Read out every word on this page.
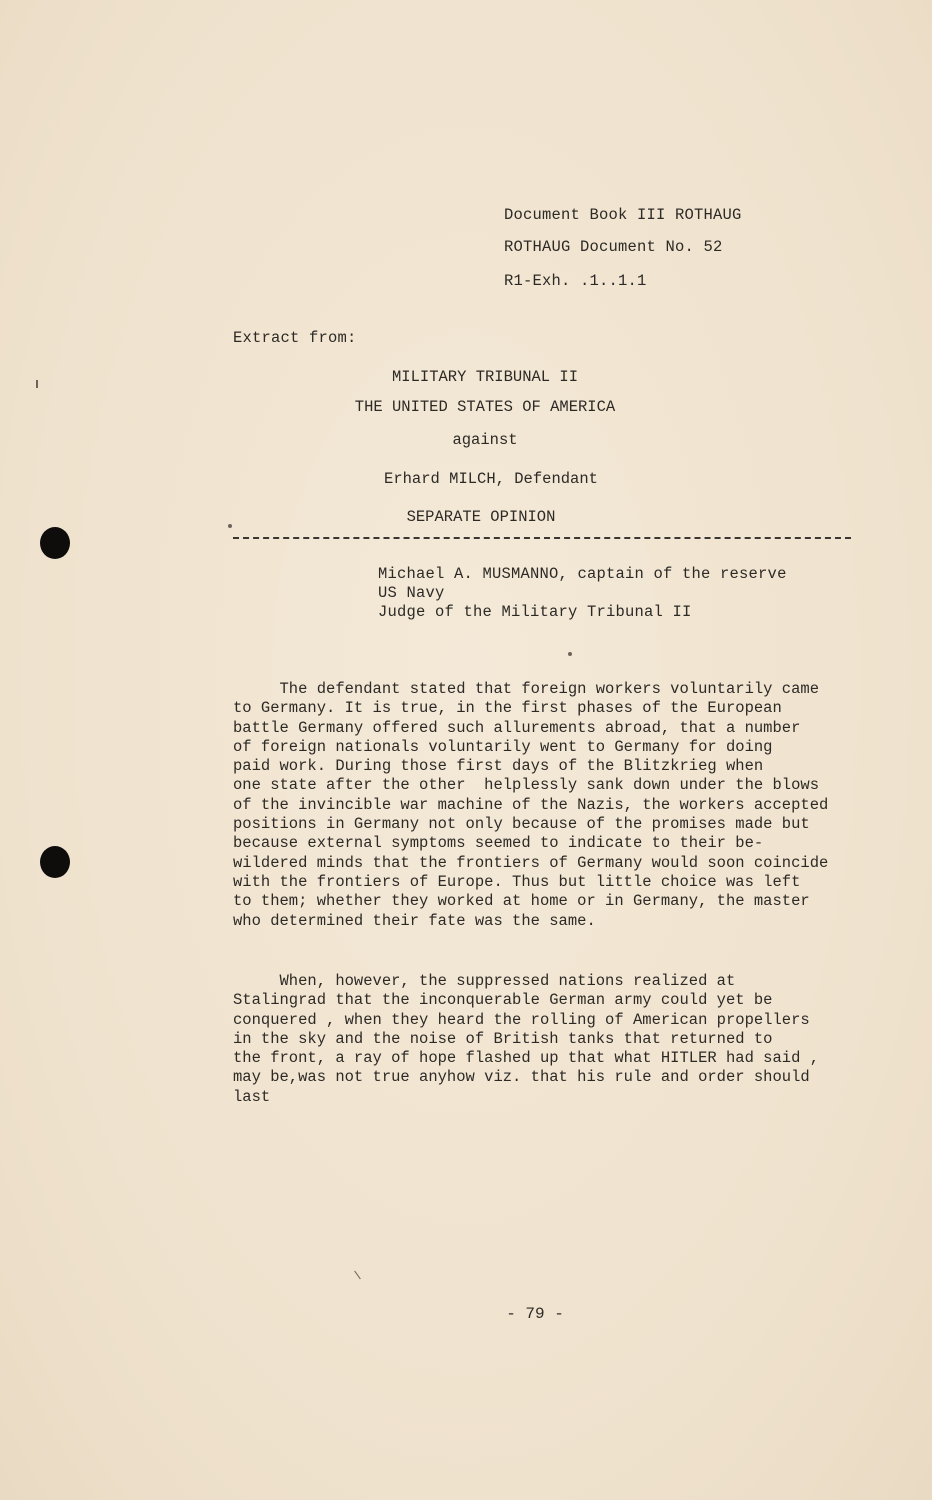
Document Book III ROTHAUG
ROTHAUG Document No. 52
R1-Exh. .1..1.1
Extract from:
MILITARY TRIBUNAL II
THE UNITED STATES OF AMERICA
against
Erhard MILCH, Defendant
SEPARATE OPINION
Michael A. MUSMANNO, captain of the reserve
US Navy
Judge of the Military Tribunal II
The defendant stated that foreign workers voluntarily came
to Germany. It is true, in the first phases of the European
battle Germany offered such allurements abroad, that a number
of foreign nationals voluntarily went to Germany for doing
paid work. During those first days of the Blitzkrieg when
one state after the other  helplessly sank down under the blows
of the invincible war machine of the Nazis, the workers accepted
positions in Germany not only because of the promises made but
because external symptoms seemed to indicate to their be-
wildered minds that the frontiers of Germany would soon coincide
with the frontiers of Europe. Thus but little choice was left
to them; whether they worked at home or in Germany, the master
who determined their fate was the same.
When, however, the suppressed nations realized at
Stalingrad that the inconquerable German army could yet be
conquered , when they heard the rolling of American propellers
in the sky and the noise of British tanks that returned to
the front, a ray of hope flashed up that what HITLER had said ,
may be,was not true anyhow viz. that his rule and order should
last
- 79 -
